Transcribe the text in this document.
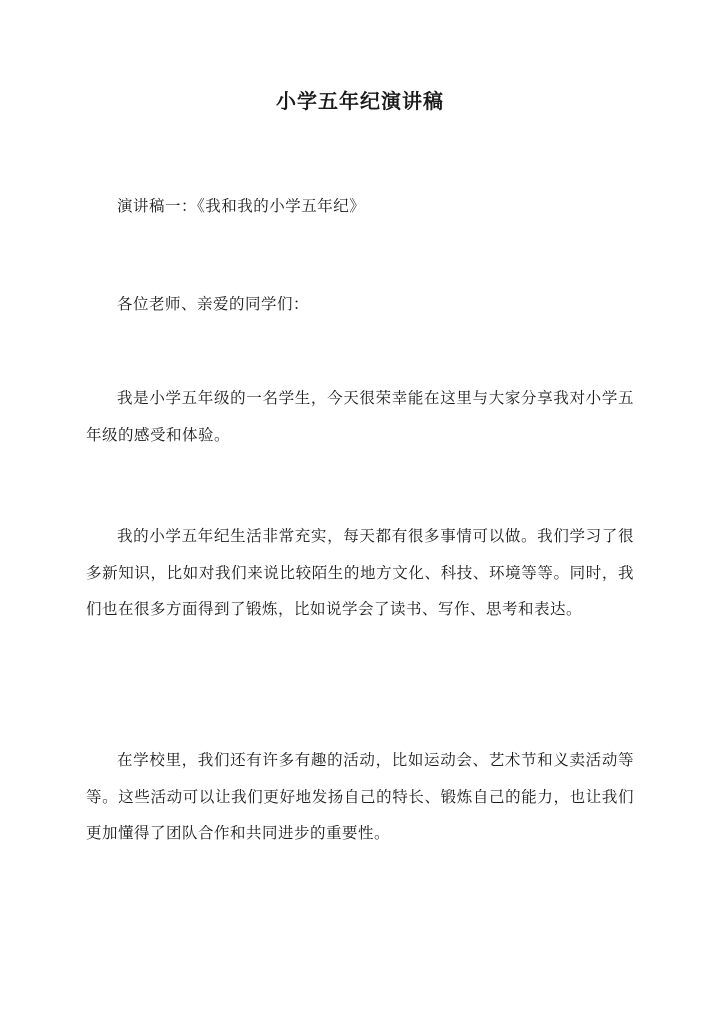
小学五年纪演讲稿

演讲稿一：《我和我的小学五年纪》

各位老师、亲爱的同学们：

我是小学五年级的一名学生，今天很荣幸能在这里与大家分享我对小学五年级的感受和体验。

我的小学五年纪生活非常充实，每天都有很多事情可以做。我们学习了很多新知识，比如对我们来说比较陌生的地方文化、科技、环境等等。同时，我们也在很多方面得到了锻炼，比如说学会了读书、写作、思考和表达。

在学校里，我们还有许多有趣的活动，比如运动会、艺术节和义卖活动等等。这些活动可以让我们更好地发扬自己的特长、锻炼自己的能力，也让我们更加懂得了团队合作和共同进步的重要性。
